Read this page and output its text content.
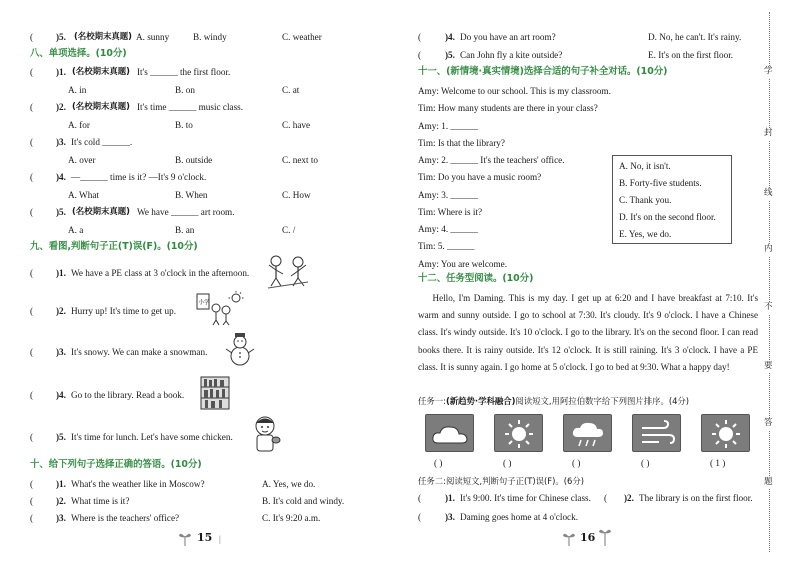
( )5. (名校期末真题) A. sunny	B. windy	C. weather
八、单项选择。(10分)
( )1. (名校期末真题) It's ______ the first floor.
A. in	B. on	C. at
( )2. (名校期末真题) It's time ______ music class.
A. for	B. to	C. have
( )3. It's cold ______.
A. over	B. outside	C. next to
( )4. —______ time is it? —It's 9 o'clock.
A. What	B. When	C. How
( )5. (名校期末真题) We have ______ art room.
A. a	B. an	C. /
九、看图,判断句子正(T)误(F)。(10分)
( )1. We have a PE class at 3 o'clock in the afternoon.
( )2. Hurry up! It's time to get up.
小学
( )3. It's snowy. We can make a snowman.
( )4. Go to the library. Read a book.
( )5. It's time for lunch. Let's have some chicken.
十、给下列句子选择正确的答语。(10分)
( )1. What's the weather like in Moscow?	A. Yes, we do.
( )2. What time is it?	B. It's cold and windy.
( )3. Where is the teachers' office?	C. It's 9:20 a.m.
15 |
(	)4. Do you have an art room?	D. No, he can't. It's rainy.
(	)5. Can John fly a kite outside?	E. It's on the first floor.
十一、(新情境·真实情境)选择合适的句子补全对话。(10分)
Amy: Welcome to our school. This is my classroom.
Tim: How many students are there in your class?
Amy: 1. ______
Tim: Is that the library?
Amy: 2. ______ It's the teachers' office.
Tim: Do you have a music room?
Amy: 3. ______
Tim: Where is it?
Amy: 4. ______
Tim: 5. ______
Amy: You are welcome.
A. No, it isn't.
B. Forty-five students.
C. Thank you.
D. It's on the second floor.
E. Yes, we do.
十二、任务型阅读。(10分)
Hello, I'm Daming. This is my day. I get up at 6:20 and I have breakfast at 7:10. It's warm and sunny outside. I go to school at 7:30. It's cloudy. It's 9 o'clock. I have a Chinese class. It's windy outside. It's 10 o'clock. I go to the library. It's on the second floor. I can read books there. It is rainy outside. It's 12 o'clock. It is still raining. It's 3 o'clock. I have a PE class. It is sunny again. I go home at 5 o'clock. I go to bed at 9:30. What a happy day!
任务一:(新趋势·学科融合)阅读短文,用阿拉伯数字给下列图片排序。(4分)
( )	( )	( )	( )	( 1 )
任务二:阅读短文,判断句子正(T)误(F)。(6分)
(	)1. It's 9:00. It's time for Chinese class. ( )2. The library is on the first floor.
(	)3. Daming goes home at 4 o'clock.
16
学
封
线
内
不
要
答
题
